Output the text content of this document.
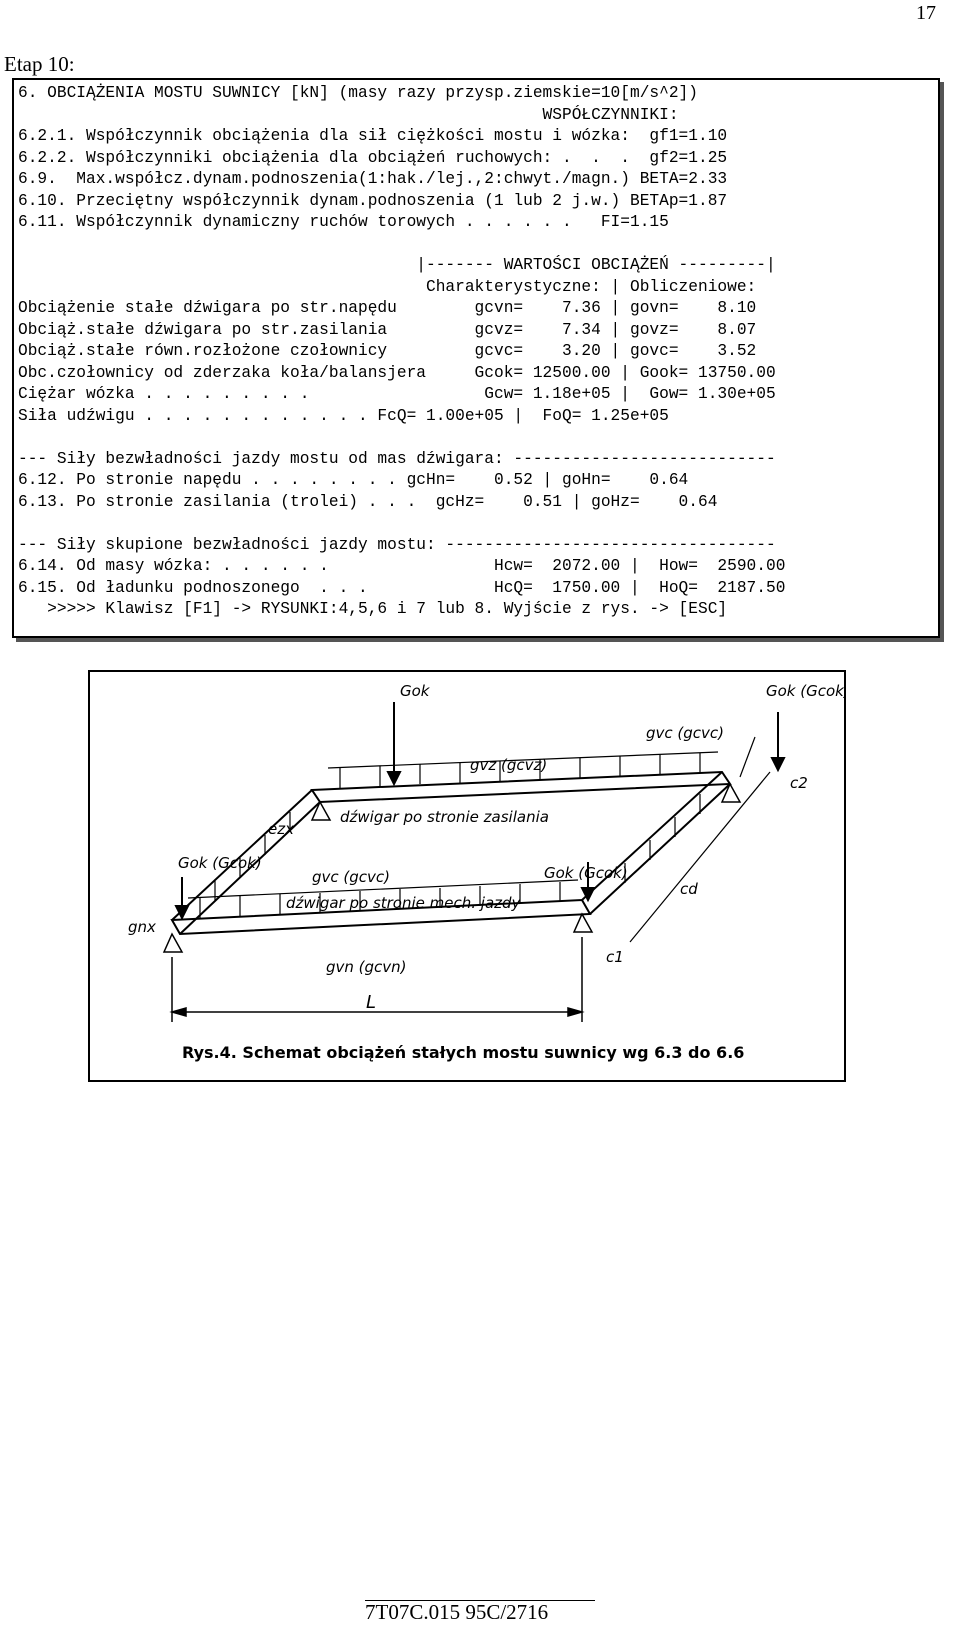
17
Etap 10:
6. OBCIĄŻENIA MOSTU SUWNICY [kN] (masy razy przysp.ziemskie=10[m/s^2])
WSPÓŁCZYNNIKI:
6.2.1. Współczynnik obciążenia dla sił ciężkości mostu i wózka:  gf1=1.10
6.2.2. Współczynniki obciążenia dla obciążeń ruchowych: .  .  .  gf2=1.25
6.9.  Max.współcz.dynam.podnoszenia(1:hak./lej.,2:chwyt./magn.) BETA=2.33
6.10. Przeciętny współczynnik dynam.podnoszenia (1 lub 2 j.w.) BETAp=1.87
6.11. Współczynnik dynamiczny ruchów torowych . . . . . .   FI=1.15
|------- WARTOŚCI OBCIĄŻEŃ ---------|
Charakterystyczne: | Obliczeniowe:
Obciążenie stałe dźwigara po str.napędu        gcvn=    7.36 | govn=    8.10
Obciąż.stałe dźwigara po str.zasilania         gcvz=    7.34 | govz=    8.07
Obciąż.stałe równ.rozłożone czołownicy         gcvc=    3.20 | govc=    3.52
Obc.czołownicy od zderzaka koła/balansjera     Gcok= 12500.00 | Gook= 13750.00
Ciężar wózka . . . . . . . . .                  Gcw= 1.18e+05 |  Gow= 1.30e+05
Siła udźwigu . . . . . . . . . . . . FcQ= 1.00e+05 |  FoQ= 1.25e+05
--- Siły bezwładności jazdy mostu od mas dźwigara: ---------------------------
6.12. Po stronie napędu . . . . . . . . gcHn=    0.52 | goHn=    0.64
6.13. Po stronie zasilania (trolei) . . .  gcHz=    0.51 | goHz=    0.64
--- Siły skupione bezwładności jazdy mostu: ----------------------------------
6.14. Od masy wózka: . . . . . .                 Hcw=  2072.00 |  How=  2590.00
6.15. Od ładunku podnoszonego  . . .             HcQ=  1750.00 |  HoQ=  2187.50
>>>>> Klawisz [F1] -> RYSUNKI:4,5,6 i 7 lub 8. Wyjście z rys. -> [ESC]
Gok	Gok (Gcok)
gvc (gcvc)
gvz (gcvz)
dźwigar po stronie zasilania
gvc (gcvc)
Gok (Gcok)
Gok (Gcok)
dźwigar po stronie mech. jazdy
gvn (gcvn)
ezx
c2
cd
c1
gnx
L
Rys.4. Schemat obciążeń stałych mostu suwnicy wg 6.3 do 6.6
7T07C.015 95C/2716
